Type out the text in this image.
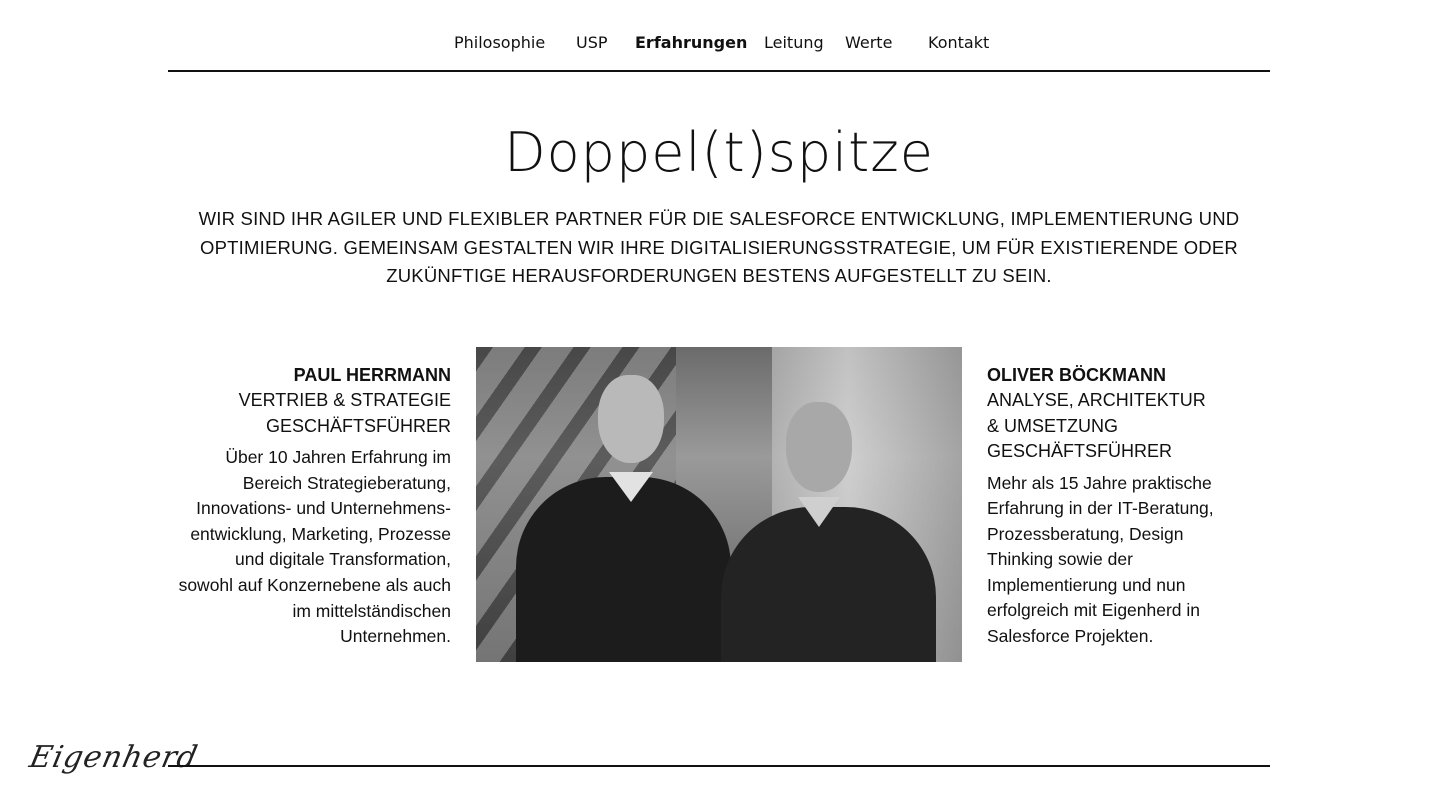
Philosophie USP Erfahrungen Leitung Werte Kontakt
Doppel(t)spitze

WIR SIND IHR AGILER UND FLEXIBLER PARTNER FÜR DIE SALESFORCE ENTWICKLUNG, IMPLEMENTIERUNG UND OPTIMIERUNG. GEMEINSAM GESTALTEN WIR IHRE DIGITALISIERUNGSSTRATEGIE, UM FÜR EXISTIERENDE ODER ZUKÜNFTIGE HERAUSFORDERUNGEN BESTENS AUFGESTELLT ZU SEIN.

PAUL HERRMANN

VERTRIEB & STRATEGIE
GESCHÄFTSFÜHRER

Über 10 Jahren Erfahrung im
Bereich Strategieberatung,
Innovations- und Unternehmens-
entwicklung, Marketing, Prozesse
und digitale Transformation,
sowohl auf Konzernebene als auch
im mittelständischen
Unternehmen.

OLIVER BÖCKMANN

ANALYSE, ARCHITEKTUR
& UMSETZUNG
GESCHÄFTSFÜHRER

Mehr als 15 Jahre praktische
Erfahrung in der IT-Beratung,
Prozessberatung, Design
Thinking sowie der
Implementierung und nun
erfolgreich mit Eigenherd in
Salesforce Projekten.

Eigenherd
